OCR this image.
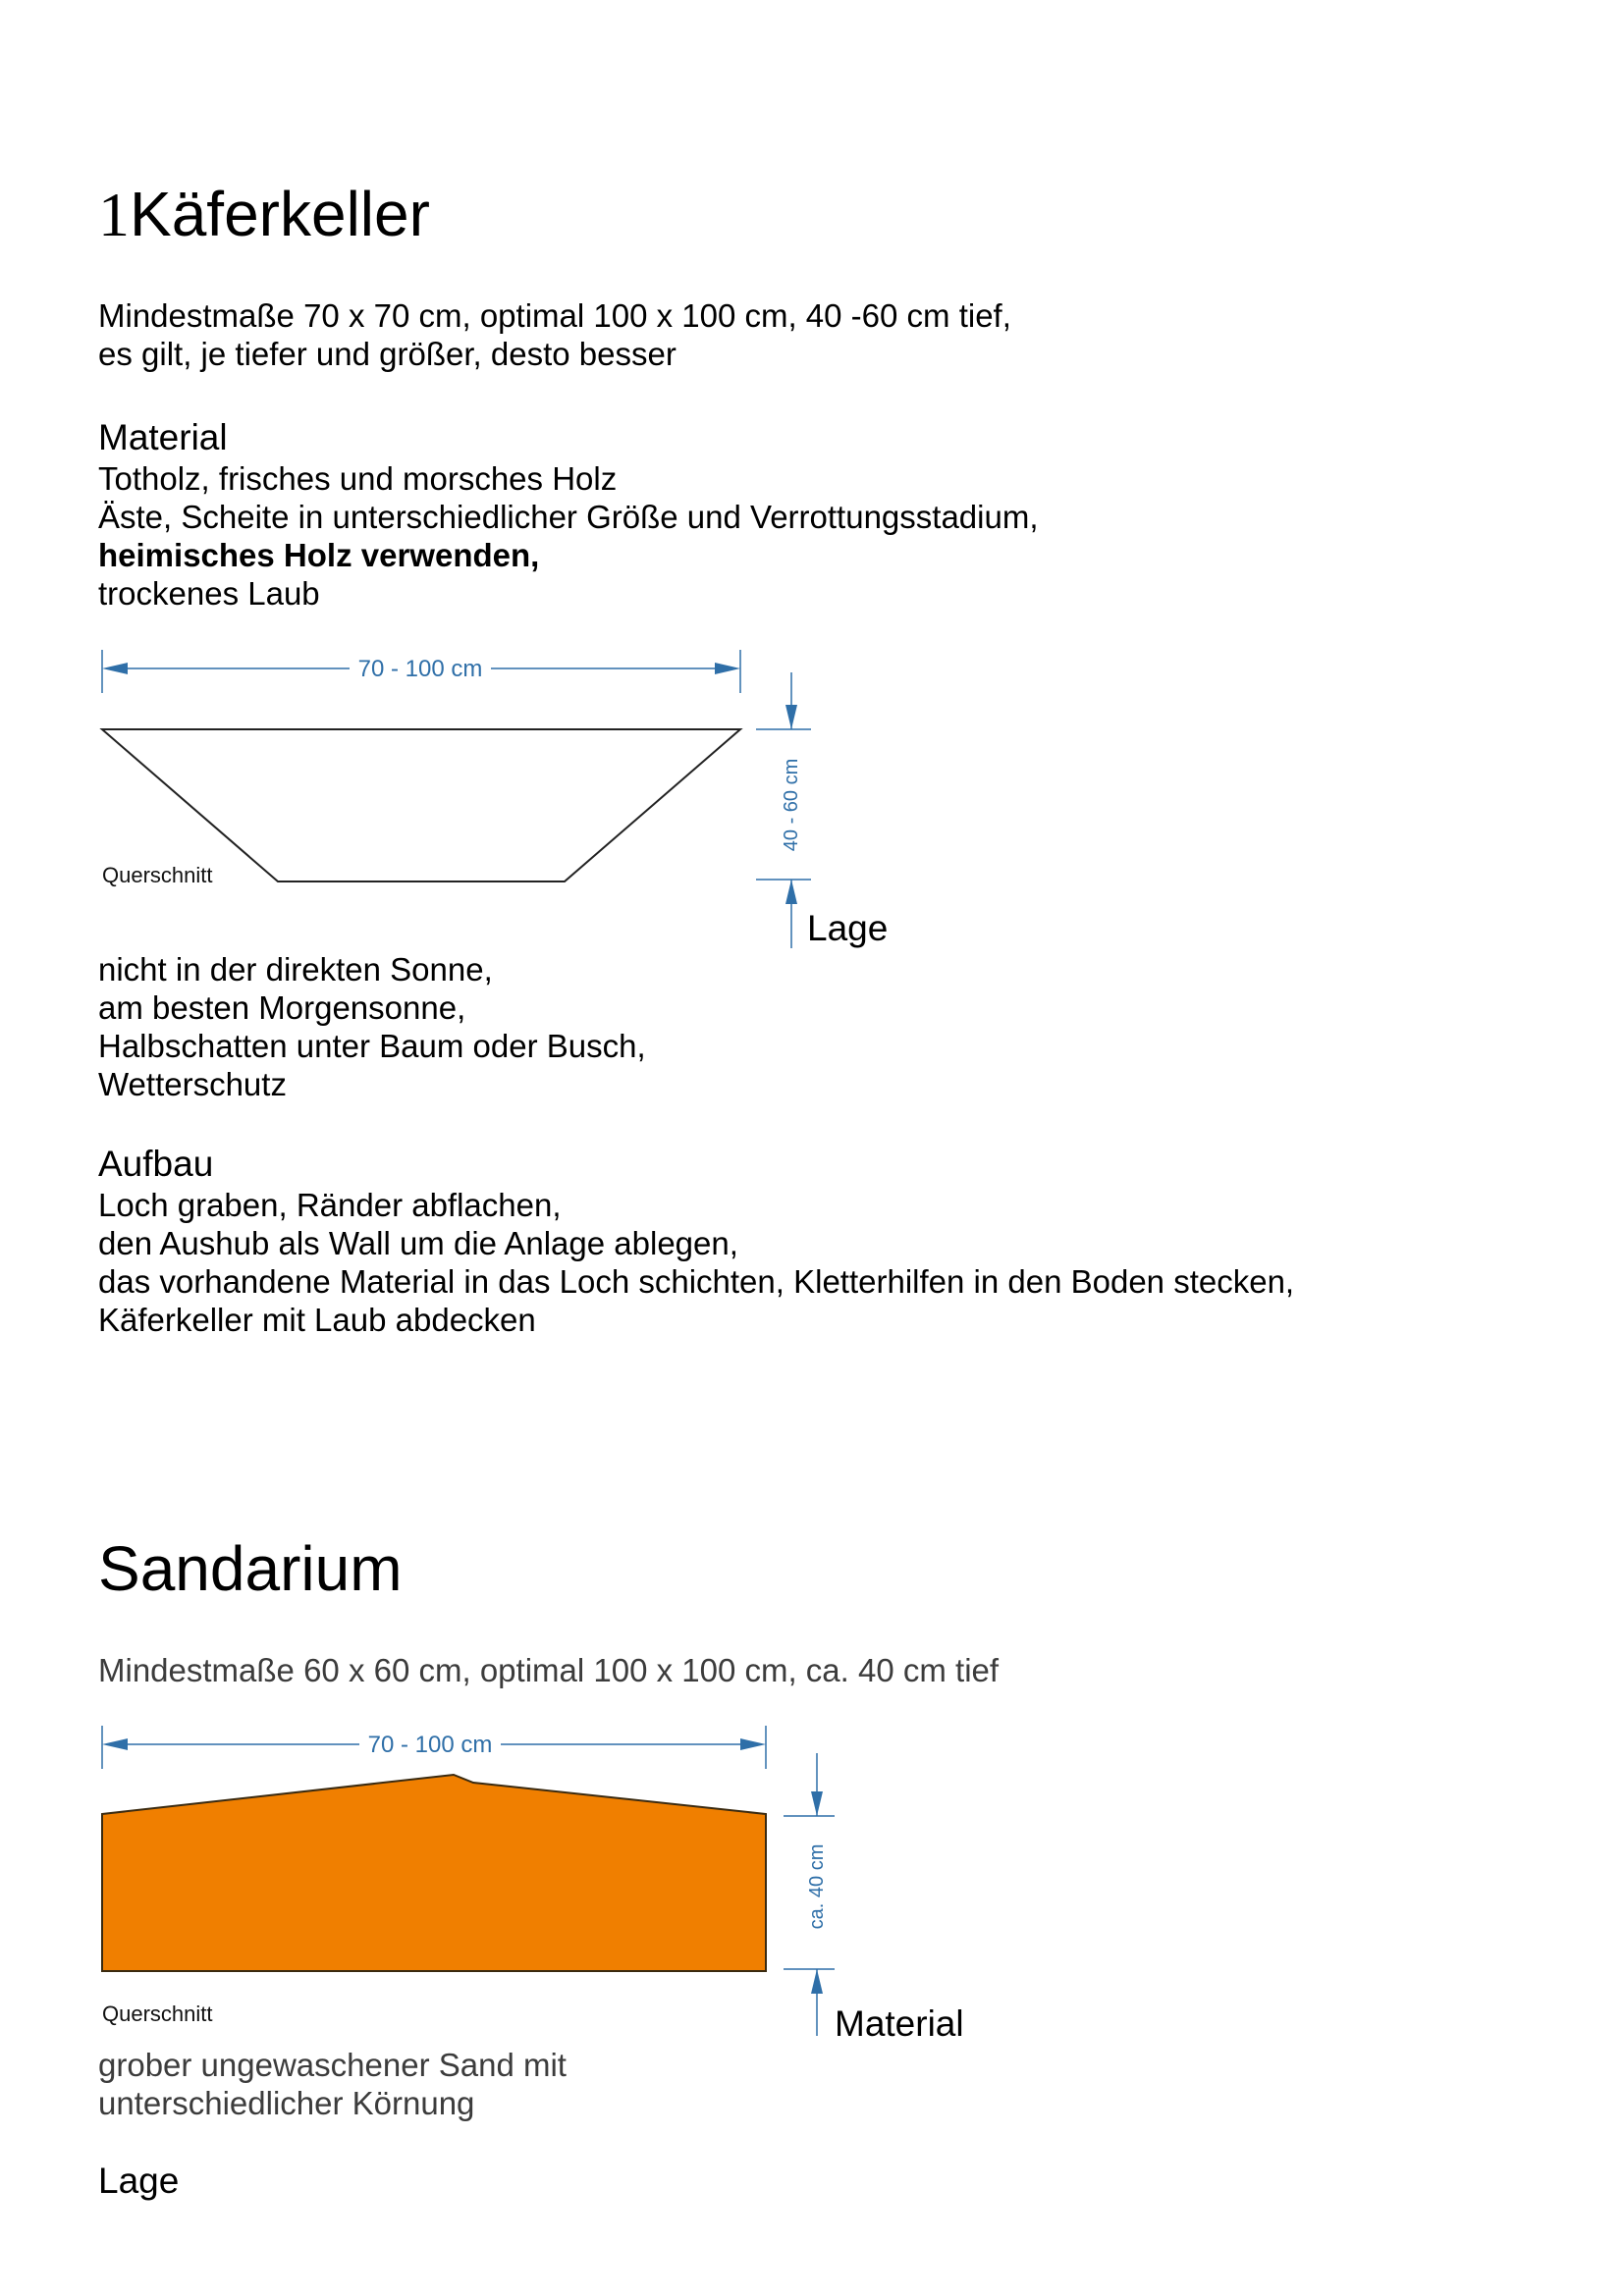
1Käferkeller
Mindestmaße 70 x 70 cm, optimal 100 x 100 cm, 40 -60 cm tief,
es gilt, je tiefer und größer, desto besser
Material
Totholz, frisches und morsches Holz
Äste, Scheite in unterschiedlicher Größe und Verrottungsstadium,
heimisches Holz verwenden,
trockenes Laub
70 - 100 cm
40 - 60 cm
Querschnitt
Lage
nicht in der direkten Sonne,
am besten Morgensonne,
Halbschatten unter Baum oder Busch,
Wetterschutz
Aufbau
Loch graben, Ränder abflachen,
den Aushub als Wall um die Anlage ablegen,
das vorhandene Material in das Loch schichten, Kletterhilfen in den Boden stecken,
Käferkeller mit Laub abdecken
Sandarium
Mindestmaße 60 x 60 cm, optimal 100 x 100 cm, ca. 40 cm tief
70 - 100 cm
ca. 40 cm
Querschnitt	Material
grober ungewaschener Sand mit
unterschiedlicher Körnung
Lage
